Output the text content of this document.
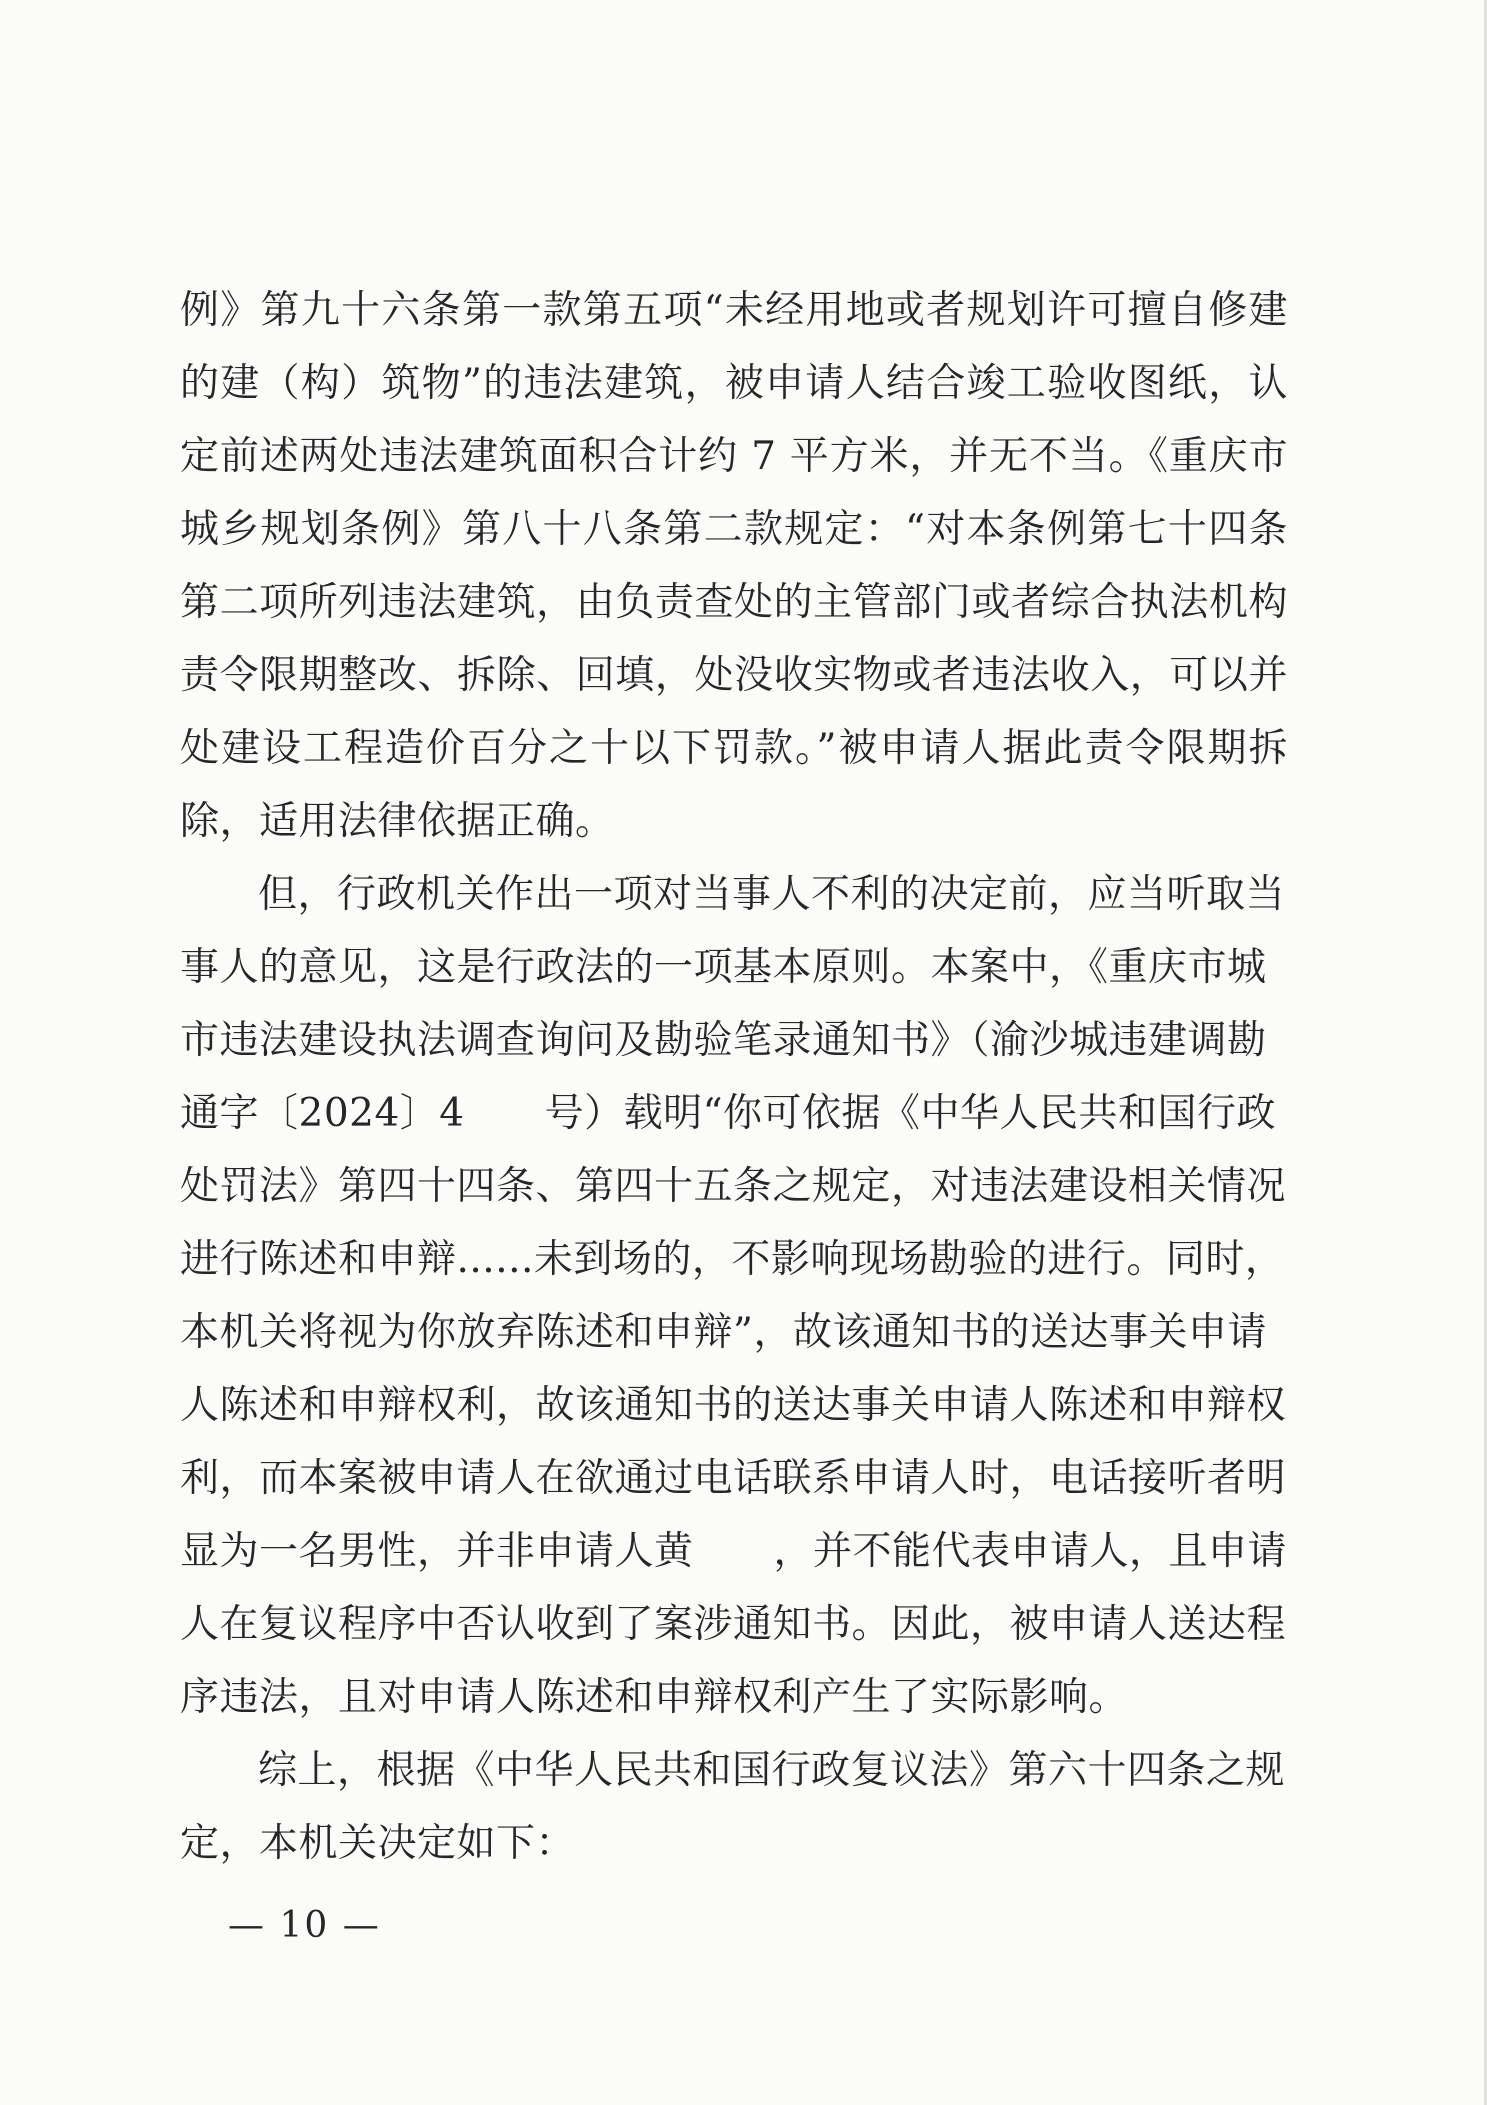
例》第九十六条第一款第五项“未经用地或者规划许可擅自修建的建（构）筑物”的违法建筑，被申请人结合竣工验收图纸，认定前述两处违法建筑面积合计约 7 平方米，并无不当。《重庆市城乡规划条例》第八十八条第二款规定：“对本条例第七十四条第二项所列违法建筑，由负责查处的主管部门或者综合执法机构责令限期整改、拆除、回填，处没收实物或者违法收入，可以并处建设工程造价百分之十以下罚款。”被申请人据此责令限期拆除，适用法律依据正确。

但，行政机关作出一项对当事人不利的决定前，应当听取当事人的意见，这是行政法的一项基本原则。本案中，《重庆市城市违法建设执法调查询问及勘验笔录通知书》（渝沙城违建调勘通字〔2024〕4 号）载明“你可依据《中华人民共和国行政处罚法》第四十四条、第四十五条之规定，对违法建设相关情况进行陈述和申辩......未到场的，不影响现场勘验的进行。同时，本机关将视为你放弃陈述和申辩”，故该通知书的送达事关申请人陈述和申辩权利，故该通知书的送达事关申请人陈述和申辩权利，而本案被申请人在欲通过电话联系申请人时，电话接听者明显为一名男性，并非申请人黄 ，并不能代表申请人，且申请人在复议程序中否认收到了案涉通知书。因此，被申请人送达程序违法，且对申请人陈述和申辩权利产生了实际影响。

综上，根据《中华人民共和国行政复议法》第六十四条之规定，本机关决定如下：

— 10 —
